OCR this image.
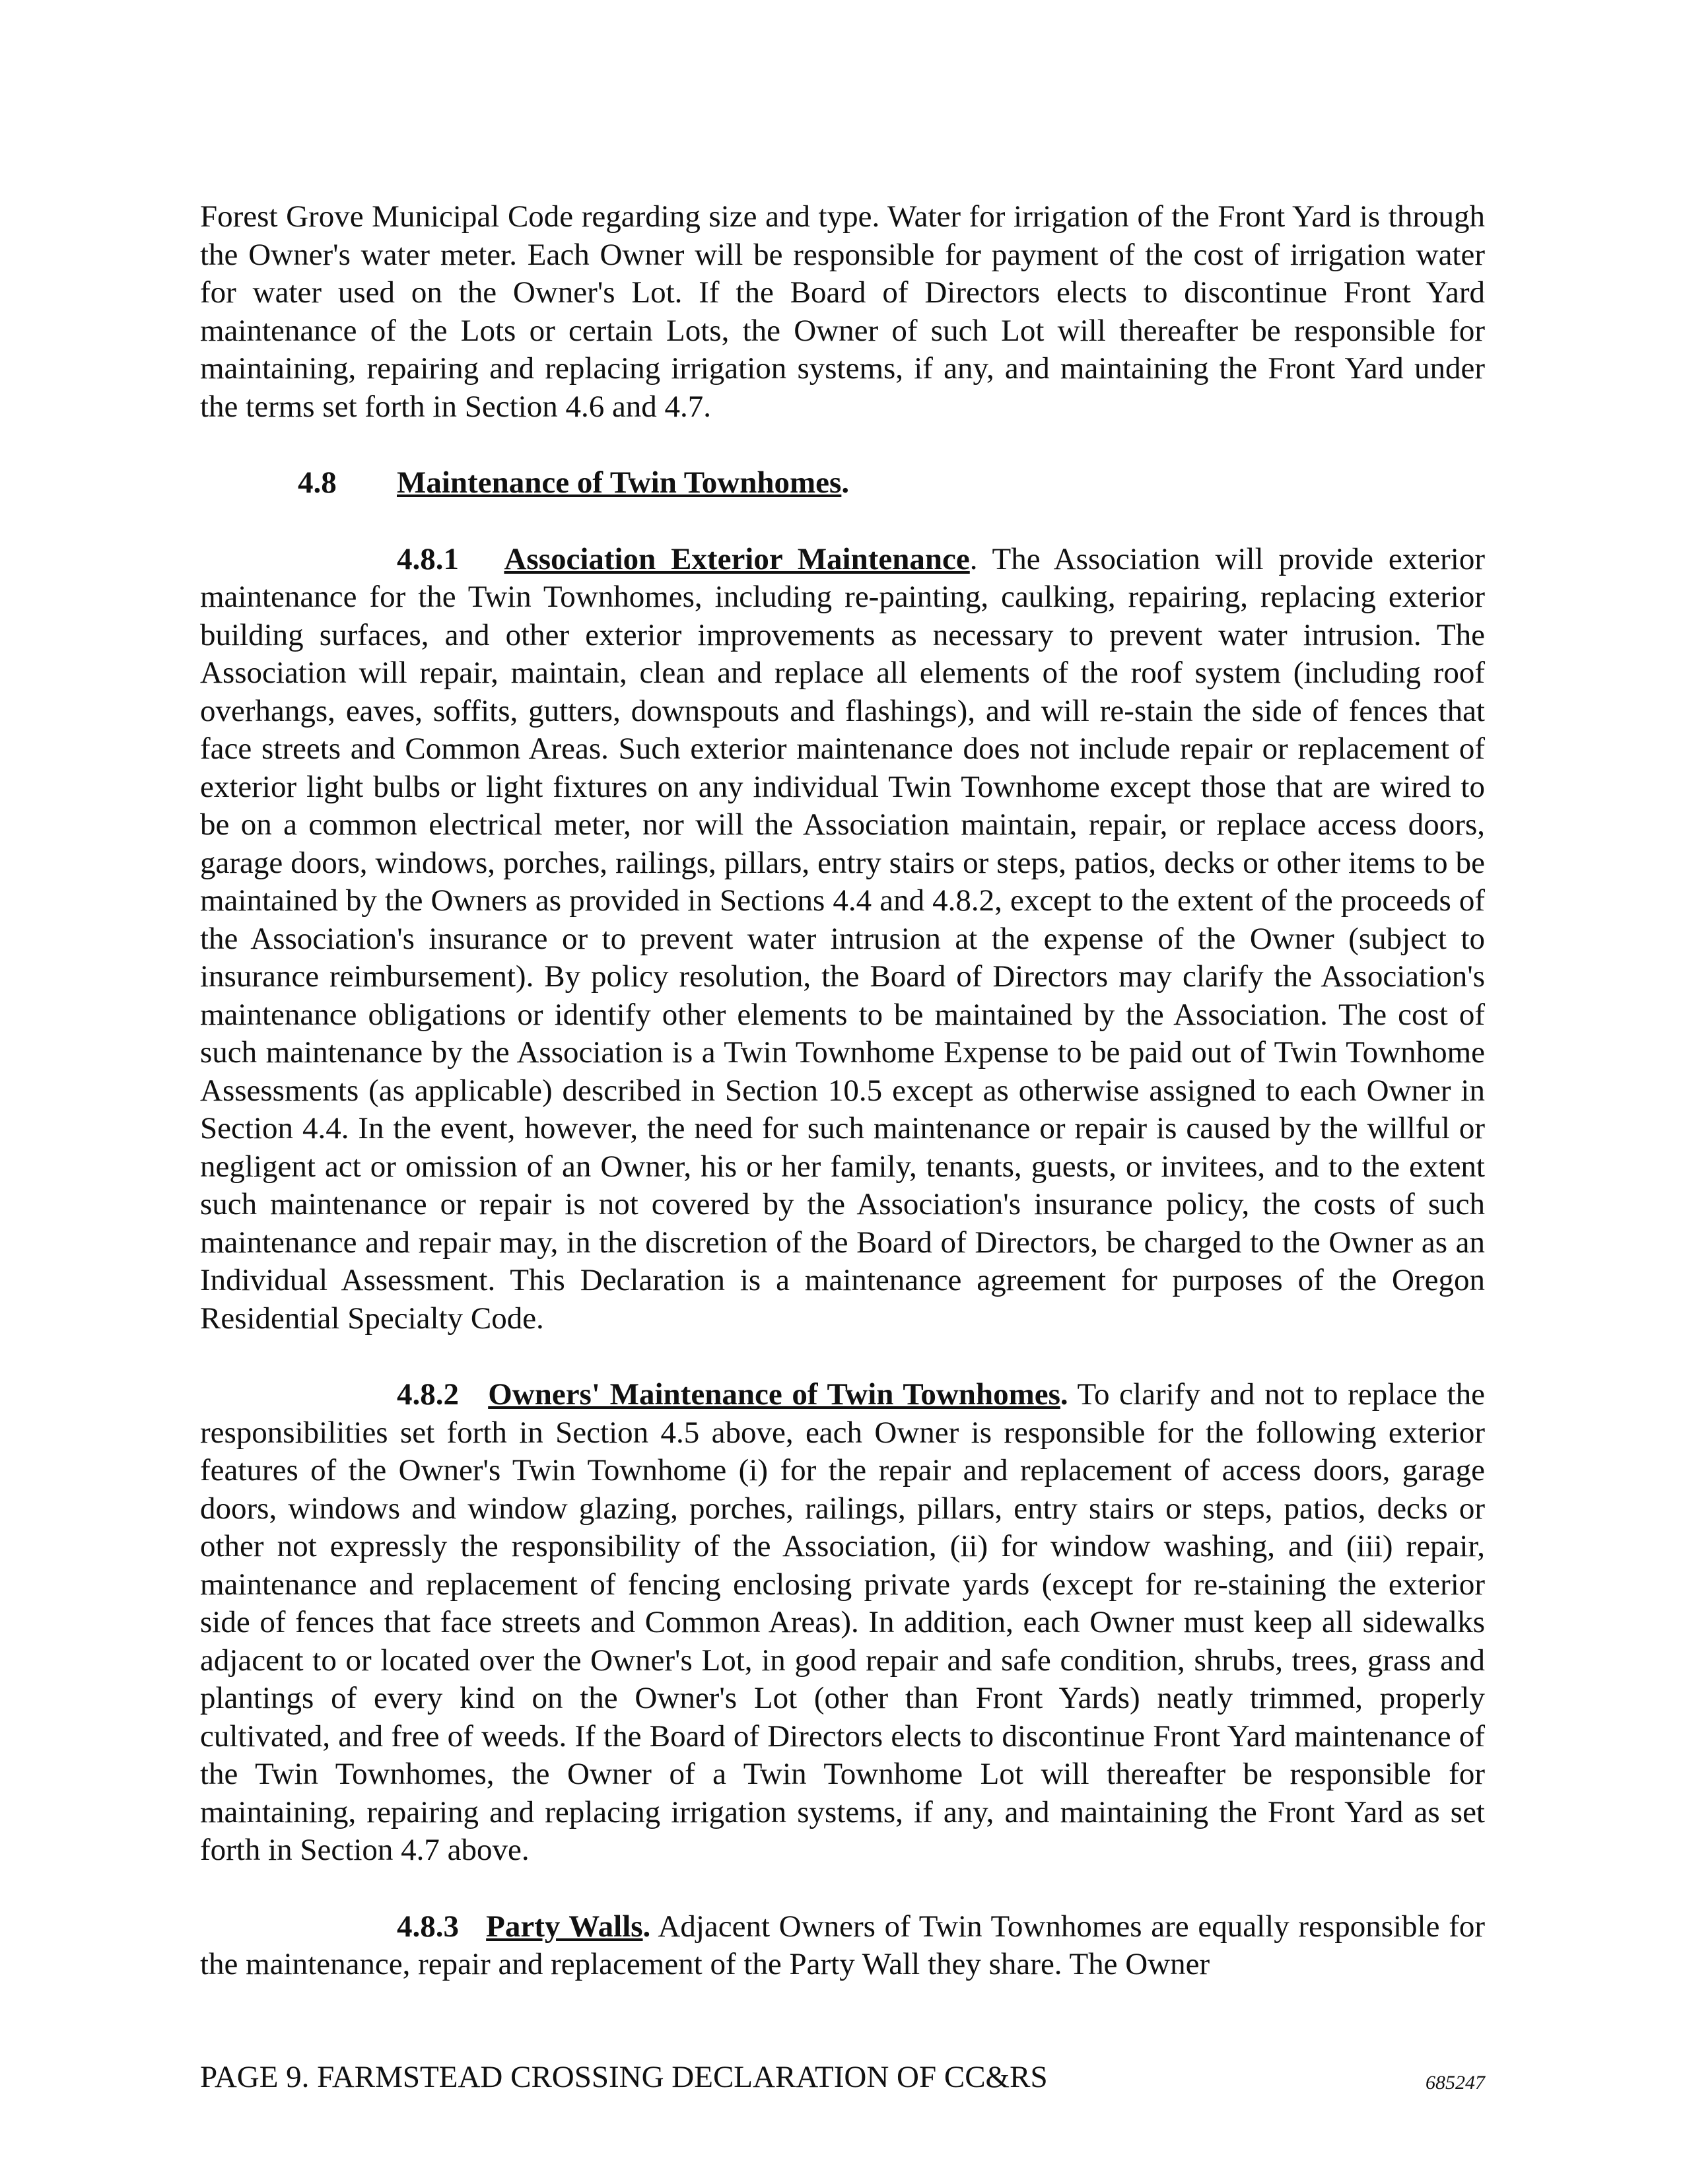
Forest Grove Municipal Code regarding size and type. Water for irrigation of the Front Yard is through the Owner's water meter. Each Owner will be responsible for payment of the cost of irrigation water for water used on the Owner's Lot. If the Board of Directors elects to discontinue Front Yard maintenance of the Lots or certain Lots, the Owner of such Lot will thereafter be responsible for maintaining, repairing and replacing irrigation systems, if any, and maintaining the Front Yard under the terms set forth in Section 4.6 and 4.7.

4.8 Maintenance of Twin Townhomes.

4.8.1 Association Exterior Maintenance. The Association will provide exterior maintenance for the Twin Townhomes, including re-painting, caulking, repairing, replacing exterior building surfaces, and other exterior improvements as necessary to prevent water intrusion. The Association will repair, maintain, clean and replace all elements of the roof system (including roof overhangs, eaves, soffits, gutters, downspouts and flashings), and will re-stain the side of fences that face streets and Common Areas. Such exterior maintenance does not include repair or replacement of exterior light bulbs or light fixtures on any individual Twin Townhome except those that are wired to be on a common electrical meter, nor will the Association maintain, repair, or replace access doors, garage doors, windows, porches, railings, pillars, entry stairs or steps, patios, decks or other items to be maintained by the Owners as provided in Sections 4.4 and 4.8.2, except to the extent of the proceeds of the Association's insurance or to prevent water intrusion at the expense of the Owner (subject to insurance reimbursement). By policy resolution, the Board of Directors may clarify the Association's maintenance obligations or identify other elements to be maintained by the Association. The cost of such maintenance by the Association is a Twin Townhome Expense to be paid out of Twin Townhome Assessments (as applicable) described in Section 10.5 except as otherwise assigned to each Owner in Section 4.4. In the event, however, the need for such maintenance or repair is caused by the willful or negligent act or omission of an Owner, his or her family, tenants, guests, or invitees, and to the extent such maintenance or repair is not covered by the Association's insurance policy, the costs of such maintenance and repair may, in the discretion of the Board of Directors, be charged to the Owner as an Individual Assessment. This Declaration is a maintenance agreement for purposes of the Oregon Residential Specialty Code.

4.8.2 Owners' Maintenance of Twin Townhomes. To clarify and not to replace the responsibilities set forth in Section 4.5 above, each Owner is responsible for the following exterior features of the Owner's Twin Townhome (i) for the repair and replacement of access doors, garage doors, windows and window glazing, porches, railings, pillars, entry stairs or steps, patios, decks or other not expressly the responsibility of the Association, (ii) for window washing, and (iii) repair, maintenance and replacement of fencing enclosing private yards (except for re-staining the exterior side of fences that face streets and Common Areas). In addition, each Owner must keep all sidewalks adjacent to or located over the Owner's Lot, in good repair and safe condition, shrubs, trees, grass and plantings of every kind on the Owner's Lot (other than Front Yards) neatly trimmed, properly cultivated, and free of weeds. If the Board of Directors elects to discontinue Front Yard maintenance of the Twin Townhomes, the Owner of a Twin Townhome Lot will thereafter be responsible for maintaining, repairing and replacing irrigation systems, if any, and maintaining the Front Yard as set forth in Section 4.7 above.

4.8.3 Party Walls. Adjacent Owners of Twin Townhomes are equally responsible for the maintenance, repair and replacement of the Party Wall they share. The Owner

PAGE 9. FARMSTEAD CROSSING DECLARATION OF CC&RS	685247
